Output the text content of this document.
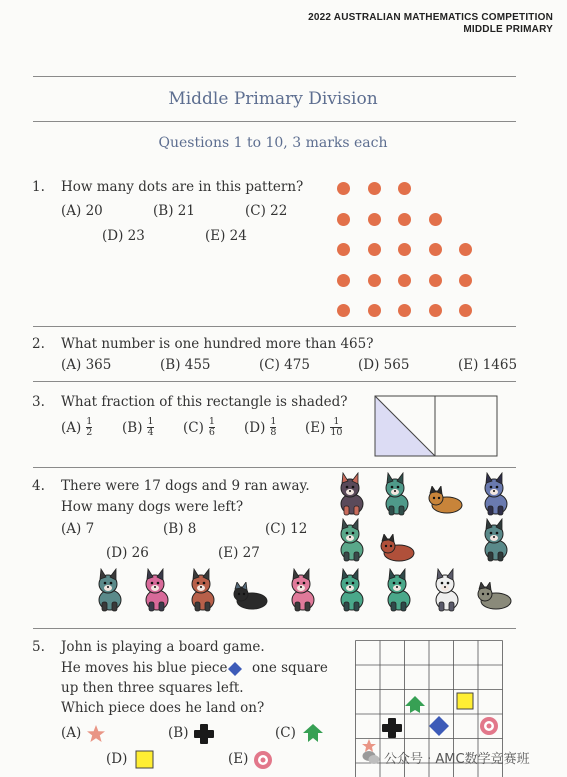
2022 AUSTRALIAN MATHEMATICS COMPETITION
MIDDLE PRIMARY
Middle Primary Division
Questions 1 to 10, 3 marks each
1. How many dots are in this pattern?
(A) 20	(B) 21	(C) 22
(D) 23	(E) 24
2. What number is one hundred more than 465?
(A) 365	(B) 455	(C) 475	(D) 565	(E) 1465
3. What fraction of this rectangle is shaded?
$(A) \frac{1}{2} (B) \frac{1}{4} (C) \frac{1}{6} (D) \frac{1}{8} (E) \frac{1}{10}$
4. There were 17 dogs and 9 ran away.
How many dogs were left?
(A) 7	(B) 8	(C) 12
(D) 26	(E) 27
5. John is playing a board game.
He moves his blue piece one square
up then three squares left.
Which piece does he land on?
(A)	(B)	(C)
(D)	(E)	公众号 · AMC数学竞赛班
